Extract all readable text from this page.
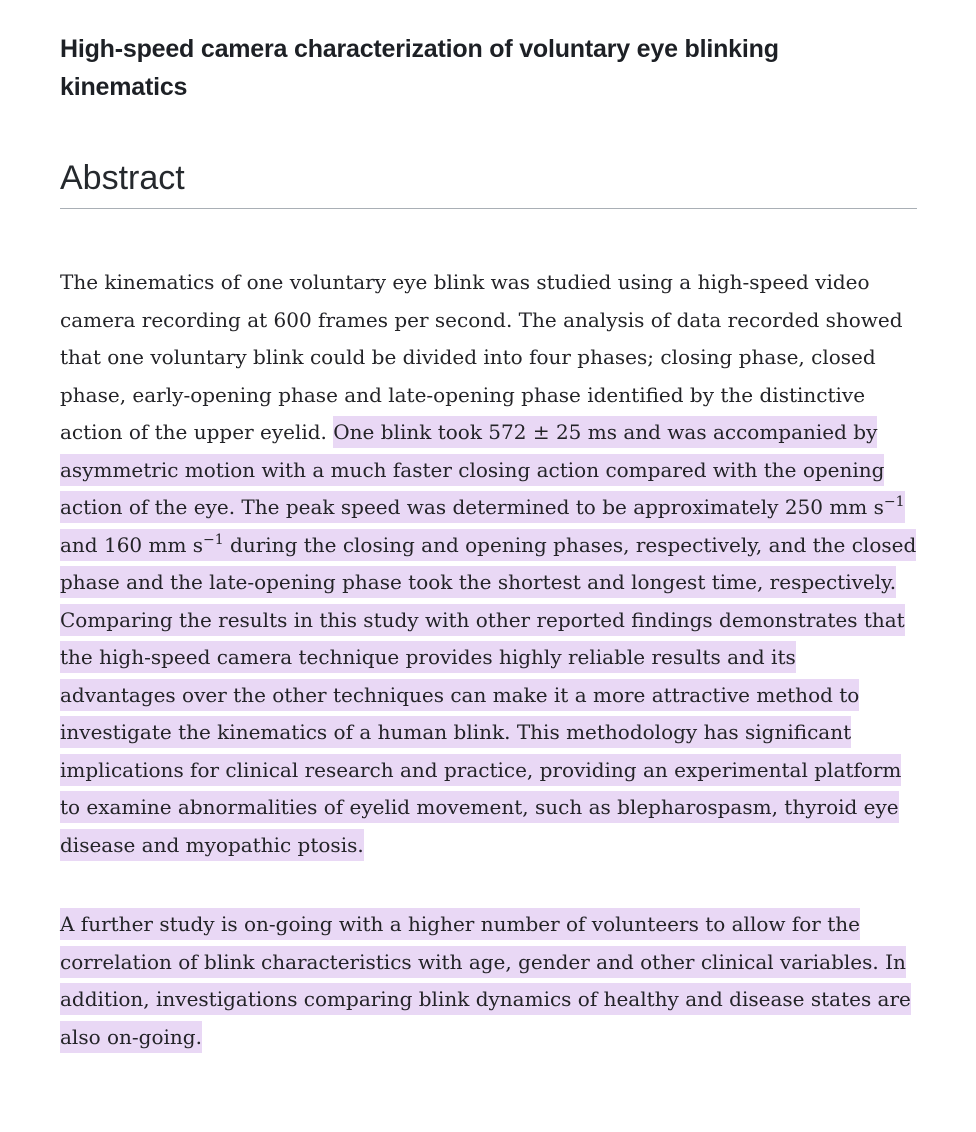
High-speed camera characterization of voluntary eye blinking kinematics
Abstract

The kinematics of one voluntary eye blink was studied using a high-speed video camera recording at 600 frames per second. The analysis of data recorded showed that one voluntary blink could be divided into four phases; closing phase, closed phase, early-opening phase and late-opening phase identified by the distinctive action of the upper eyelid. One blink took 572 ± 25 ms and was accompanied by asymmetric motion with a much faster closing action compared with the opening action of the eye. The peak speed was determined to be approximately 250 mm $s^{-1}$ and 160 mm $s^{-1}$ during the closing and opening phases, respectively, and the closed phase and the late-opening phase took the shortest and longest time, respectively. Comparing the results in this study with other reported findings demonstrates that the high-speed camera technique provides highly reliable results and its advantages over the other techniques can make it a more attractive method to investigate the kinematics of a human blink. This methodology has significant implications for clinical research and practice, providing an experimental platform to examine abnormalities of eyelid movement, such as blepharospasm, thyroid eye disease and myopathic ptosis.

A further study is on-going with a higher number of volunteers to allow for the correlation of blink characteristics with age, gender and other clinical variables. In addition, investigations comparing blink dynamics of healthy and disease states are also on-going.
